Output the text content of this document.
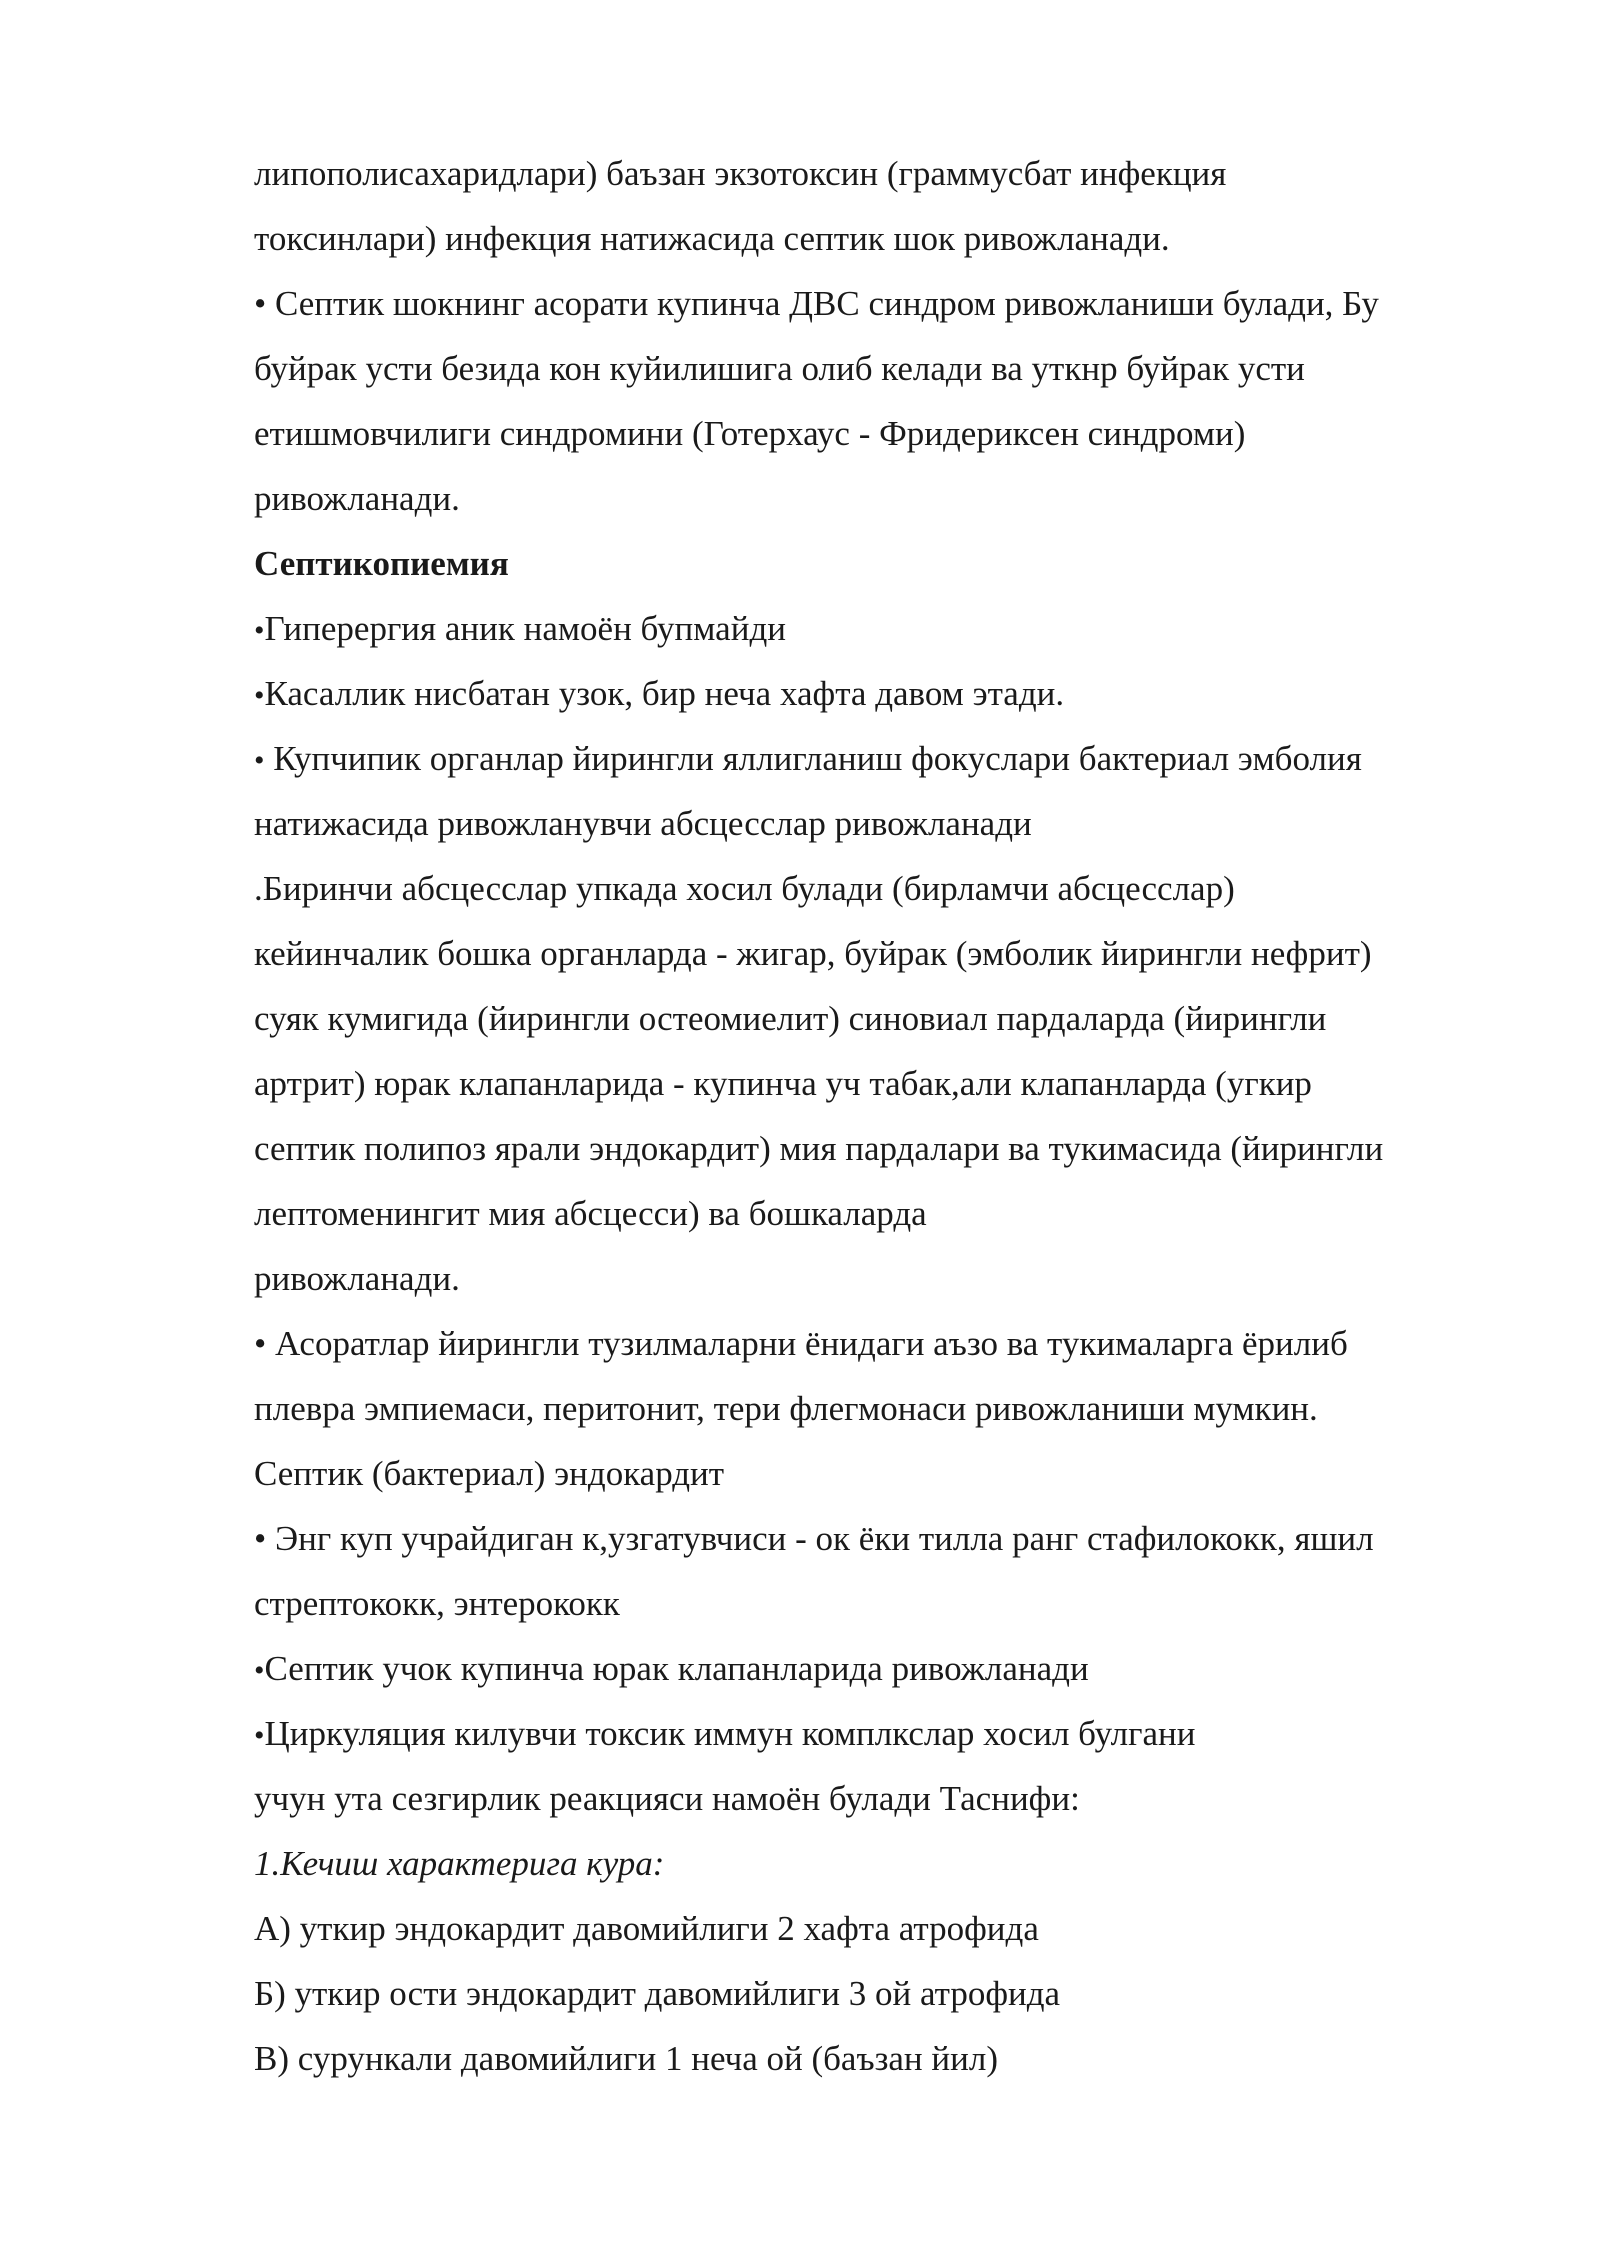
липополисахаридлари) баъзан экзотоксин (граммусбат инфекция
токсинлари) инфекция натижасида септик шок ривожланади.
• Септик шокнинг асорати купинча ДВС синдром ривожланиши булади, Бу
буйрак усти безида кон куйилишига олиб келади ва уткнр буйрак усти
етишмовчилиги синдромини (Готерхаус - Фридериксен синдроми)
ривожланади.
Септикопиемия
•Гиперергия аник намоён бупмайди
•Касаллик нисбатан узок, бир неча хафта давом этади.
• Купчипик органлар йирингли яллигланиш фокуслари бактериал эмболия
натижасида ривожланувчи абсцесслар ривожланади
.Биринчи абсцесслар упкада хосил булади (бирламчи абсцесслар)
кейинчалик бошка органларда - жигар, буйрак (эмболик йирингли нефрит)
суяк кумигида (йирингли остеомиелит) синовиал пардаларда (йирингли
артрит) юрак клапанларида - купинча уч табак,али клапанларда (угкир
септик полипоз ярали эндокардит) мия пардалари ва тукимасида (йирингли
лептоменингит мия абсцесси) ва бошкаларда
ривожланади.
• Асоратлар йирингли тузилмаларни ёнидаги аъзо ва тукималарга ёрилиб
плевра эмпиемаси, перитонит, тери флегмонаси ривожланиши мумкин.
Септик (бактериал) эндокардит
• Энг куп учрайдиган к,узгатувчиси - ок ёки тилла ранг стафилококк, яшил
стрептококк, энтерококк
•Септик учок купинча юрак клапанларида ривожланади
•Циркуляция килувчи токсик иммун комплкслар хосил булгани
учун ута сезгирлик реакцияси намоён булади Таснифи:
1.Кечиш характерига кура:
А) уткир эндокардит давомийлиги 2 хафта атрофида
Б) уткир ости эндокардит давомийлиги 3 ой атрофида
В) сурункали давомийлиги 1 неча ой (баъзан йил)
